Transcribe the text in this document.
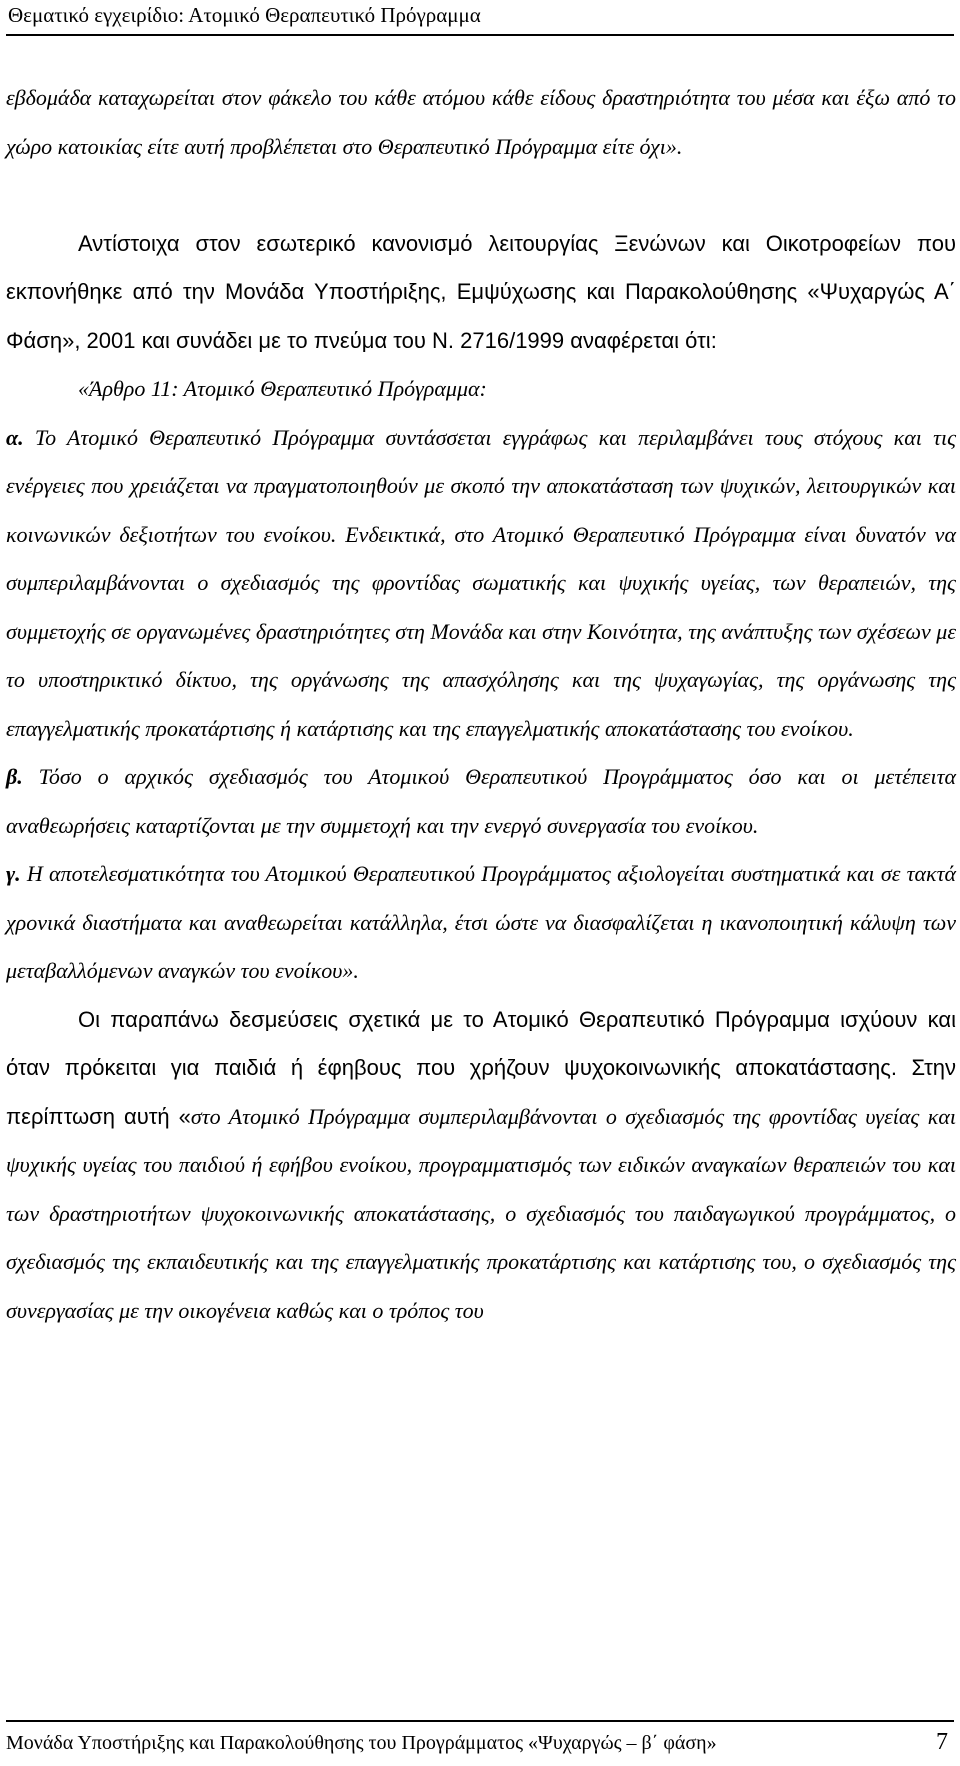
Θεματικό εγχειρίδιο: Ατομικό Θεραπευτικό Πρόγραμμα

εβδομάδα καταχωρείται στον φάκελο του κάθε ατόμου κάθε είδους δραστηριότητα του μέσα και έξω από το χώρο κατοικίας είτε αυτή προβλέπεται στο Θεραπευτικό Πρόγραμμα είτε όχι».

Αντίστοιχα στον εσωτερικό κανονισμό λειτουργίας Ξενώνων και Οικοτροφείων που εκπονήθηκε από την Μονάδα Υποστήριξης, Εμψύχωσης και Παρακολούθησης «Ψυχαργώς Α΄ Φάση», 2001 και συνάδει με το πνεύμα του Ν. 2716/1999 αναφέρεται ότι:

«Άρθρο 11: Ατομικό Θεραπευτικό Πρόγραμμα:

α. Το Ατομικό Θεραπευτικό Πρόγραμμα συντάσσεται εγγράφως και περιλαμβάνει τους στόχους και τις ενέργειες που χρειάζεται να πραγματοποιηθούν με σκοπό την αποκατάσταση των ψυχικών, λειτουργικών και κοινωνικών δεξιοτήτων του ενοίκου. Ενδεικτικά, στο Ατομικό Θεραπευτικό Πρόγραμμα είναι δυνατόν να συμπεριλαμβάνονται ο σχεδιασμός της φροντίδας σωματικής και ψυχικής υγείας, των θεραπειών, της συμμετοχής σε οργανωμένες δραστηριότητες στη Μονάδα και στην Κοινότητα, της ανάπτυξης των σχέσεων με το υποστηρικτικό δίκτυο, της οργάνωσης της απασχόλησης και της ψυχαγωγίας, της οργάνωσης της επαγγελματικής προκατάρτισης ή κατάρτισης και της επαγγελματικής αποκατάστασης του ενοίκου.

β. Τόσο ο αρχικός σχεδιασμός του Ατομικού Θεραπευτικού Προγράμματος όσο και οι μετέπειτα αναθεωρήσεις καταρτίζονται με την συμμετοχή και την ενεργό συνεργασία του ενοίκου.

γ. Η αποτελεσματικότητα του Ατομικού Θεραπευτικού Προγράμματος αξιολογείται συστηματικά και σε τακτά χρονικά διαστήματα και αναθεωρείται κατάλληλα, έτσι ώστε να διασφαλίζεται η ικανοποιητική κάλυψη των μεταβαλλόμενων αναγκών του ενοίκου».

Οι παραπάνω δεσμεύσεις σχετικά με το Ατομικό Θεραπευτικό Πρόγραμμα ισχύουν και όταν πρόκειται για παιδιά ή έφηβους που χρήζουν ψυχοκοινωνικής αποκατάστασης. Στην περίπτωση αυτή «στο Ατομικό Πρόγραμμα συμπεριλαμβάνονται ο σχεδιασμός της φροντίδας υγείας και ψυχικής υγείας του παιδιού ή εφήβου ενοίκου, προγραμματισμός των ειδικών αναγκαίων θεραπειών του και των δραστηριοτήτων ψυχοκοινωνικής αποκατάστασης, ο σχεδιασμός του παιδαγωγικού προγράμματος, ο σχεδιασμός της εκπαιδευτικής και της επαγγελματικής προκατάρτισης και κατάρτισης του, ο σχεδιασμός της συνεργασίας με την οικογένεια καθώς και ο τρόπος του

Μονάδα Υποστήριξης και Παρακολούθησης του Προγράμματος «Ψυχαργώς – β΄ φάση»	7
